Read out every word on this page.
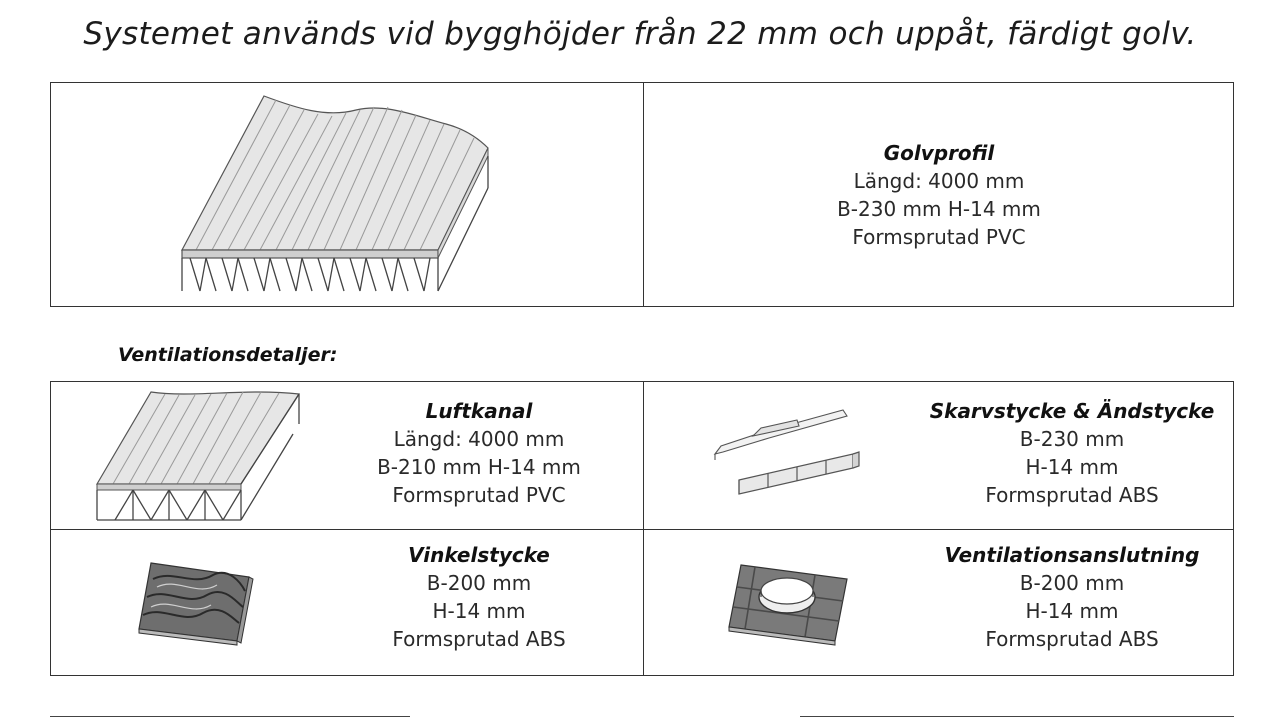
Systemet används vid bygghöjder från 22 mm och uppåt, färdigt golv.
Golvprofil
Längd: 4000 mm
B-230 mm H-14 mm
Formsprutad PVC
Ventilationsdetaljer:
Luftkanal
Längd: 4000 mm
B-210 mm H-14 mm
Formsprutad PVC
Skarvstycke & Ändstycke
B-230 mm
H-14 mm
Formsprutad ABS
Vinkelstycke
B-200 mm
H-14 mm
Formsprutad ABS
Ventilationsanslutning
B-200 mm
H-14 mm
Formsprutad ABS
